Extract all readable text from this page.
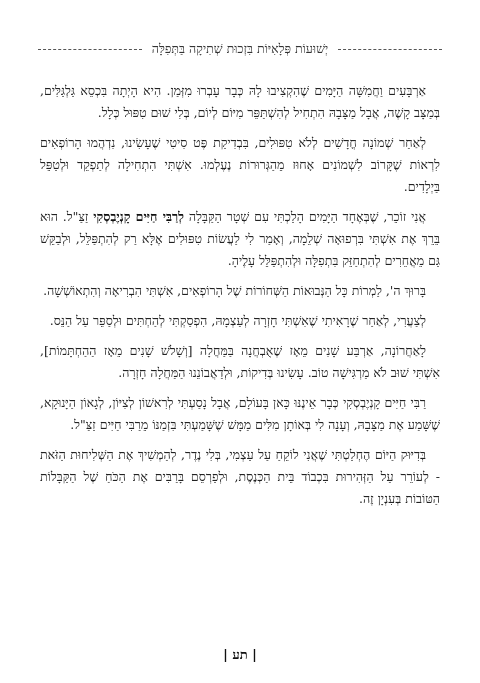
יְשׁוּעוֹת פְּלָאִיּוֹת בִּזְכוּת שְׁתִיקָה בַּתְּפִלָּה

אַרְבָּעִים וַחֲמִשָּׁה הַיָּמִים שֶׁהִקְצִיבוּ לָהּ כְּבָר עָבְרוּ מִזְּמַן. הִיא הָיְתָה בִּכְסֵא גַּלְגַּלִּים, בְּמַצָּב קָשֶׁה, אֲבָל מַצָּבָהּ הִתְחִיל לְהִשְׁתַּפֵּר מִיּוֹם לְיוֹם, בְּלִי שׁוּם טִפּוּל כְּלָל.

לְאַחַר שְׁמוֹנָה חֳדָשִׁים לְלֹא טִפּוּלִים, בִּבְדִיקַת פֶּט סִיטִי שֶׁעָשִׂינוּ, נִדְהֲמוּ הָרוֹפְאִים לִרְאוֹת שֶׁקָּרוֹב לִשְׁמוֹנִים אָחוּז מֵהַגְּרוּרוֹת נֶעֶלְמוּ. אִשְׁתִּי הִתְחִילָה לְתַפְקֵד וּלְטַפֵּל בַּיְלָדִים.

אֲנִי זוֹכֵר, שֶׁבְּאֶחָד הַיָּמִים הָלַכְתִּי עִם שְׁטָר הַקַּבָּלָה לְרַבִּי חַיִּים קָנְיֶבְסְקִי זַצַּ"ל. הוּא בֵּרֵךְ אֶת אִשְׁתִּי בִּרְפוּאָה שְׁלֵמָה, וְאָמַר לִי לַעֲשׂוֹת טִפּוּלִים אֶלָּא רַק לְהִתְפַּלֵּל, וּלְבַקֵּשׁ גַּם מֵאֲחֵרִים לְהִתְחַזֵּק בִּתְפִלָּה וּלְהִתְפַּלֵּל עָלֶיהָ.

בָּרוּךְ ה', לַמְרוֹת כָּל הַנְּבוּאוֹת הַשְּׁחוֹרוֹת שֶׁל הָרוֹפְאִים, אִשְׁתִּי הִבְרִיאָה וְהִתְאוֹשְׁשָׁה.

לְצַעֲרִי, לְאַחַר שֶׁרָאִיתִי שֶׁאִשְׁתִּי חָזְרָה לְעַצְמָהּ, הִפְסַקְתִּי לְהַחְתִּים וּלְסַפֵּר עַל הַנֵּס.

לָאַחֲרוֹנָה, אַרְבַּע שָׁנִים מֵאָז שֶׁאֻבְחֲנָה בַּמַּחֲלָה [וְשָׁלֹשׁ שָׁנִים מֵאָז הַהַחְתָּמוֹת], אִשְׁתִּי שׁוּב לֹא מַרְגִּישָׁה טוֹב. עָשִׂינוּ בְּדִיקוֹת, וּלְדַאֲבוֹנֵנוּ הַמַּחֲלָה חָזְרָה.

רַבִּי חַיִּים קָנְיֶבְסְקִי כְּבָר אֵינֶנּוּ כָּאן בָּעוֹלָם, אֲבָל נָסַעְתִּי לְרִאשׁוֹן לְצִיּוֹן, לְגָאוֹן הַיָּנוּקָא, שֶׁשָּׁמַע אֶת מַצָּבָהּ, וְעָנָה לִי בְּאוֹתָן מִלִּים מַמָּשׁ שֶׁשָּׁמַעְתִּי בִּזְמַנּוֹ מֵרַבִּי חַיִּים זַצַּ"ל.

בְּדִיּוּק הַיּוֹם הֶחְלַטְתִּי שֶׁאֲנִי לוֹקֵחַ עַל עַצְמִי, בְּלִי נֶדֶר, לְהַמְשִׁיךְ אֶת הַשְּׁלִיחוּת הַזֹּאת - לְעוֹרֵר עַל הַזְּהִירוּת בִּכְבוֹד בֵּית הַכְּנֶסֶת, וּלְפַרְסֵם בָּרַבִּים אֶת הַכֹּחַ שֶׁל הַקַּבָּלוֹת הַטּוֹבוֹת בְּעִנְיָן זֶה.

| תע |
